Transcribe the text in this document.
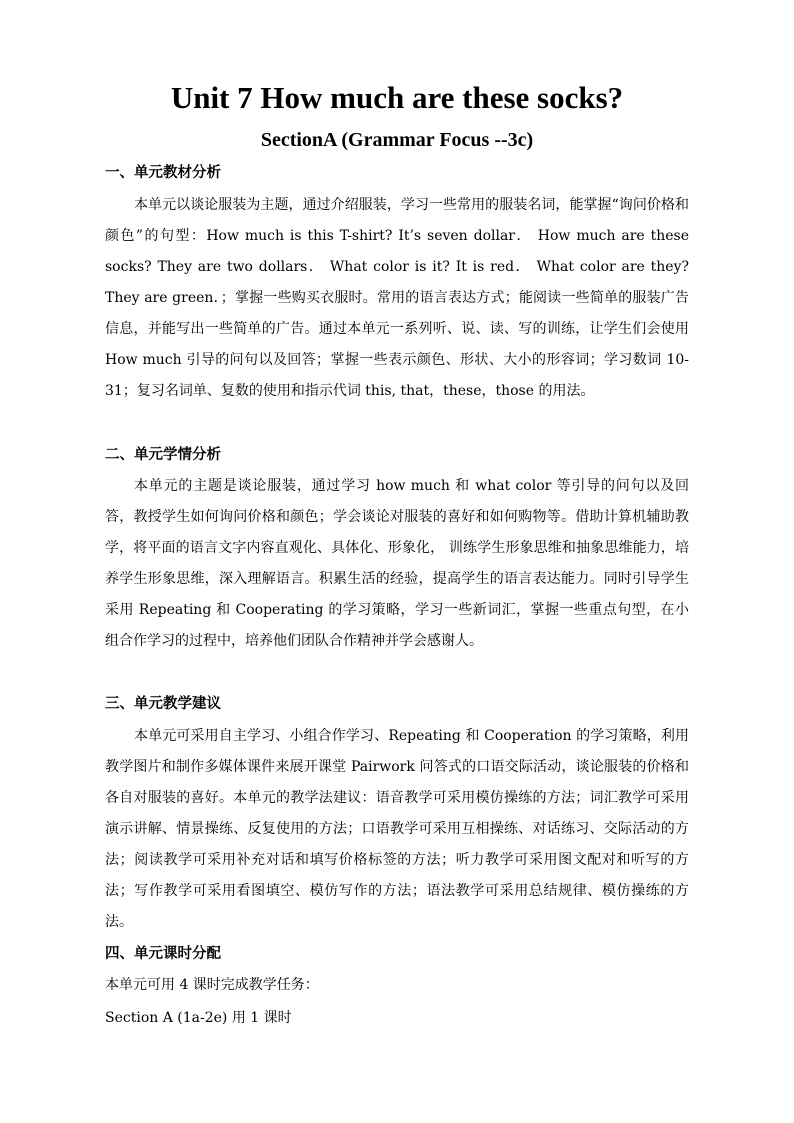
Unit 7 How much are these socks?
SectionA (Grammar Focus --3c)
一、单元教材分析

本单元以谈论服装为主题，通过介绍服装，学习一些常用的服装名词，能掌握“询问价格和颜色”的句型：How much is this T-shirt? It’s seven dollar． How much are these socks? They are two dollars． What color is it? It is red． What color are they? They are green．；掌握一些购买衣服时。常用的语言表达方式；能阅读一些简单的服装广告信息，并能写出一些简单的广告。通过本单元一系列听、说、读、写的训练，让学生们会使用 How much 引导的问句以及回答；掌握一些表示颜色、形状、大小的形容词；学习数词 10-31；复习名词单、复数的使用和指示代词 this, that，these，those 的用法。

二、单元学情分析

本单元的主题是谈论服装，通过学习 how much 和 what color 等引导的问句以及回答，教授学生如何询问价格和颜色；学会谈论对服装的喜好和如何购物等。借助计算机辅助教学，将平面的语言文字内容直观化、具体化、形象化， 训练学生形象思维和抽象思维能力，培养学生形象思维，深入理解语言。积累生活的经验，提高学生的语言表达能力。同时引导学生采用 Repeating 和 Cooperating 的学习策略，学习一些新词汇，掌握一些重点句型，在小组合作学习的过程中，培养他们团队合作精神并学会感谢人。

三、单元教学建议

本单元可采用自主学习、小组合作学习、Repeating 和 Cooperation 的学习策略，利用教学图片和制作多媒体课件来展开课堂 Pairwork 问答式的口语交际活动，谈论服装的价格和各自对服装的喜好。本单元的教学法建议：语音教学可采用模仿操练的方法；词汇教学可采用演示讲解、情景操练、反复使用的方法；口语教学可采用互相操练、对话练习、交际活动的方法；阅读教学可采用补充对话和填写价格标签的方法；听力教学可采用图文配对和听写的方法；写作教学可采用看图填空、模仿写作的方法；语法教学可采用总结规律、模仿操练的方法。

四、单元课时分配

本单元可用 4 课时完成教学任务：

Section A (1a-2e) 用 1 课时
